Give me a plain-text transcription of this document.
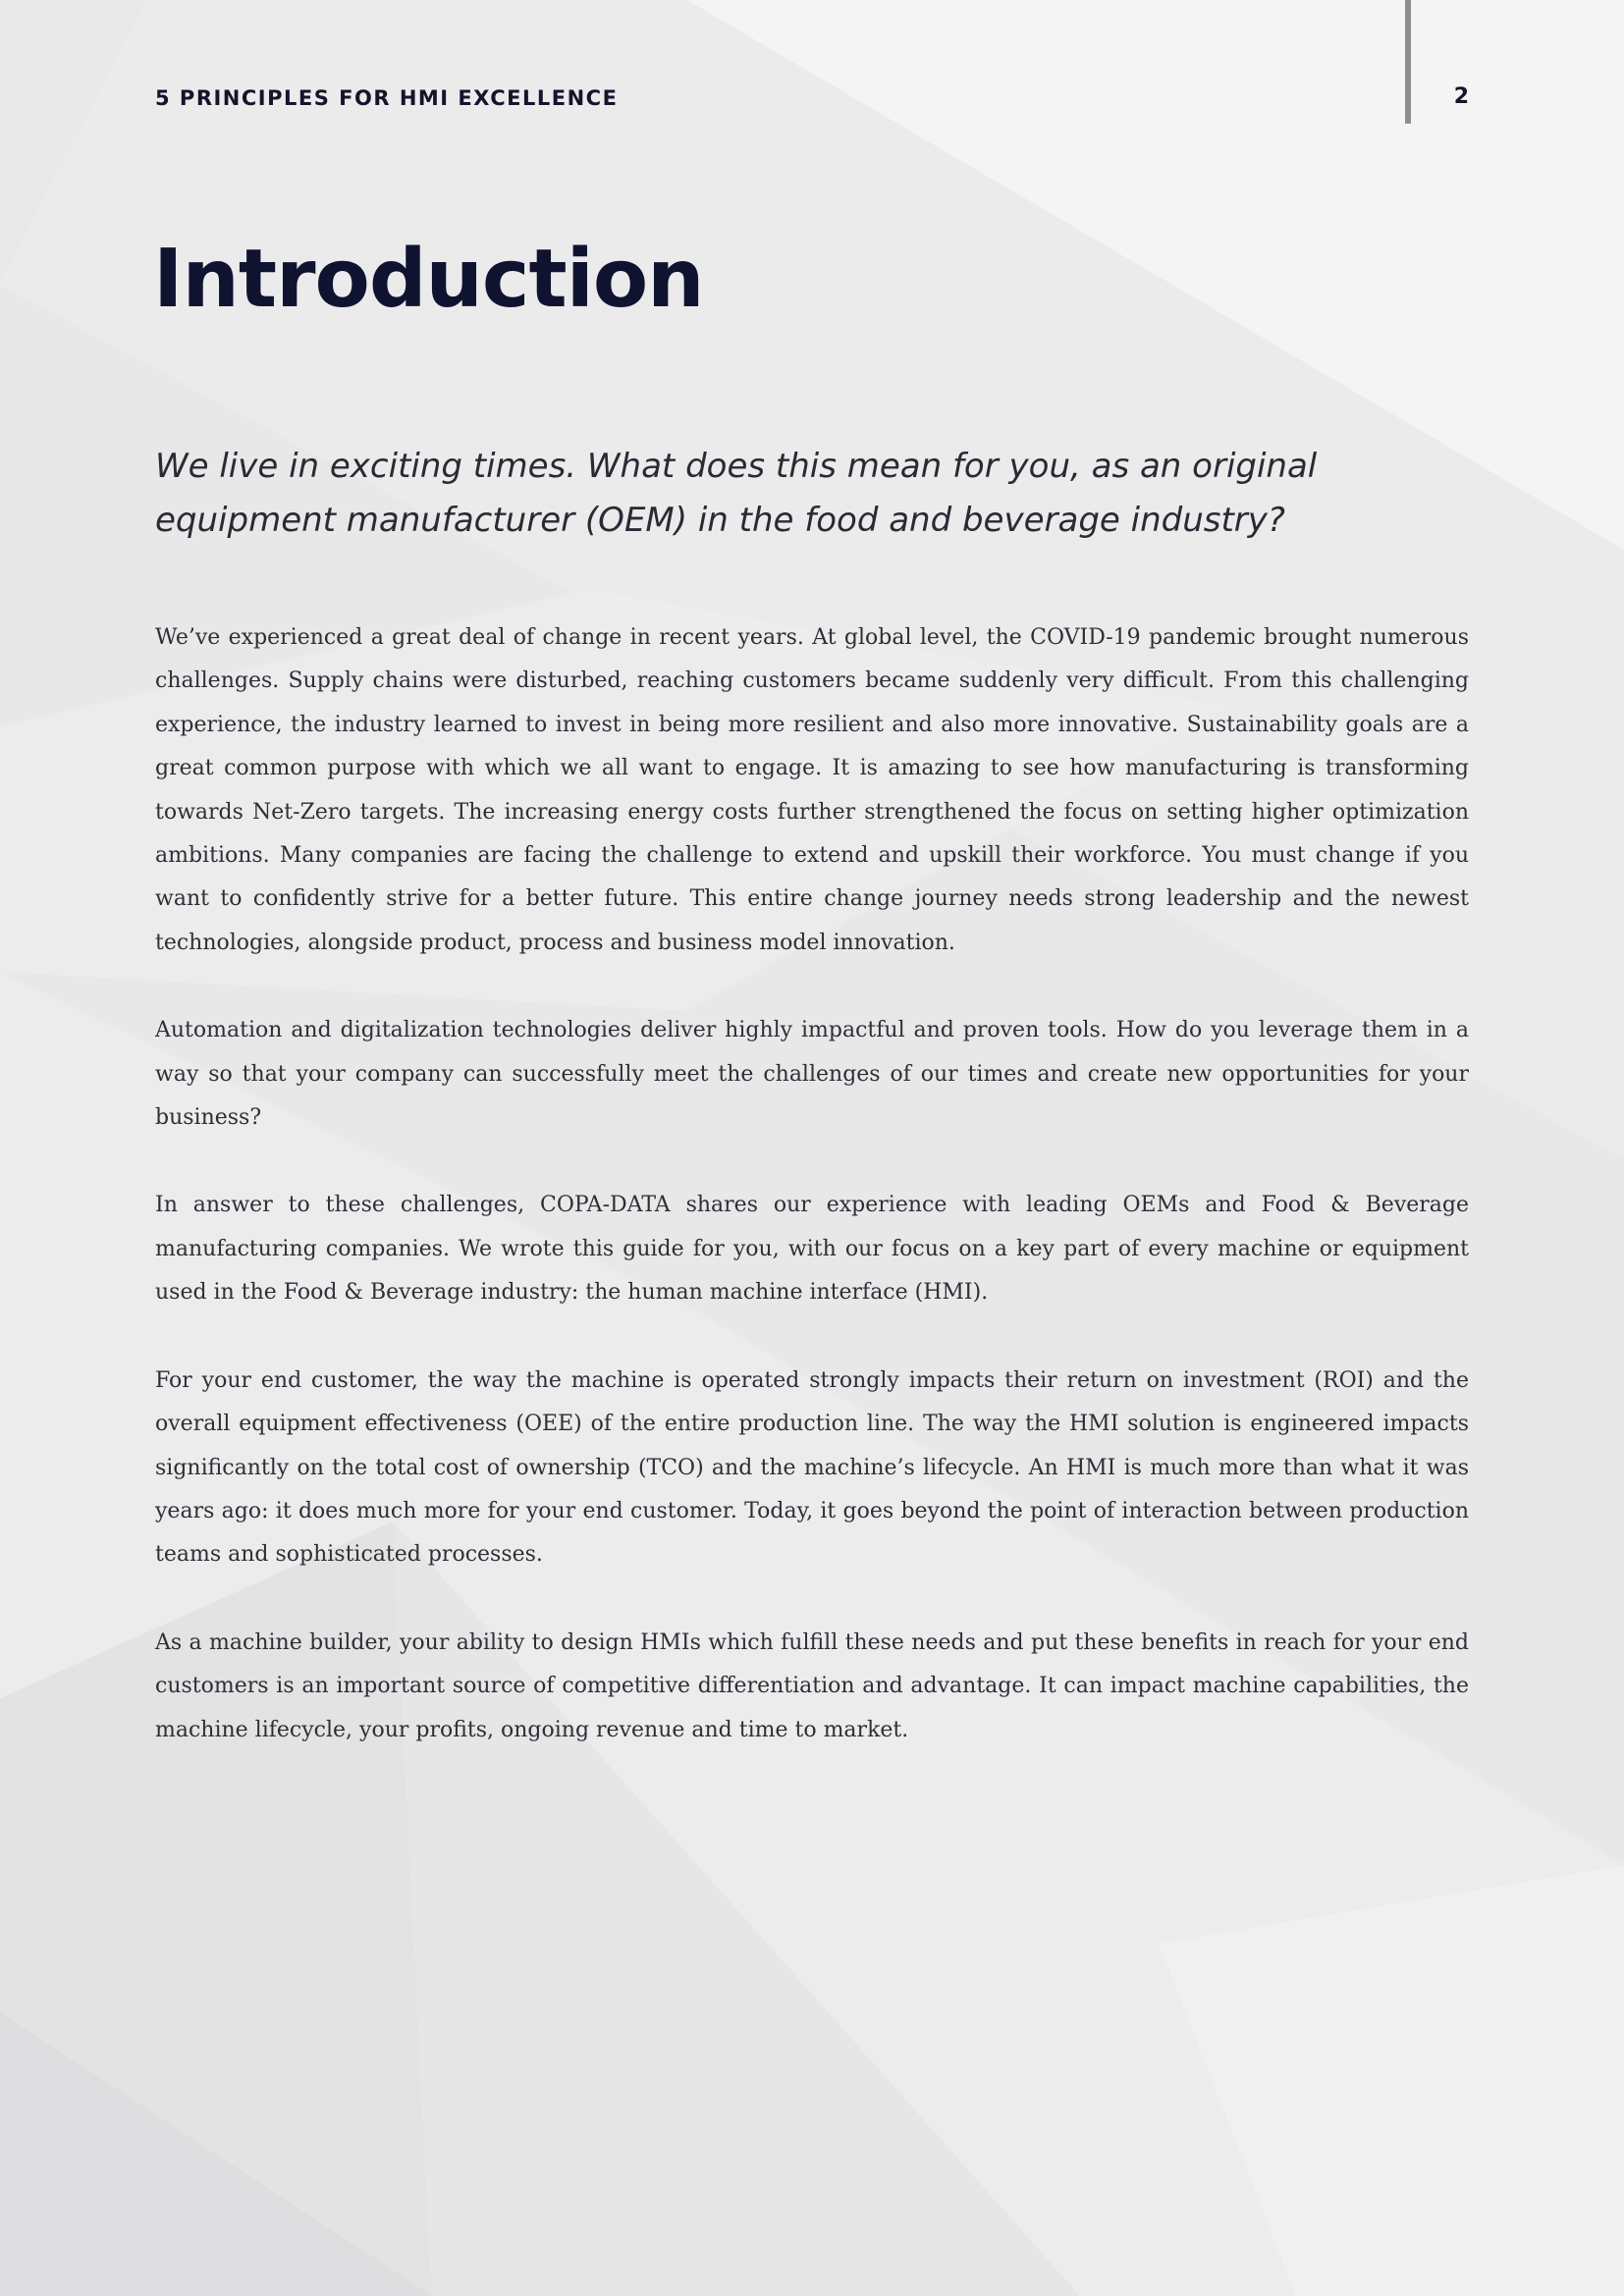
5 PRINCIPLES FOR HMI EXCELLENCE	2
Introduction

We live in exciting times. What does this mean for you, as an original equipment manufacturer (OEM) in the food and beverage industry?

We’ve experienced a great deal of change in recent years. At global level, the COVID-19 pandemic brought numerous challenges. Supply chains were disturbed, reaching customers became suddenly very difficult. From this challenging experience, the industry learned to invest in being more resilient and also more innovative. Sustainability goals are a great common purpose with which we all want to engage. It is amazing to see how manufacturing is transforming towards Net-Zero targets. The increasing energy costs further strengthened the focus on setting higher optimization ambitions. Many companies are facing the challenge to extend and upskill their workforce. You must change if you want to confidently strive for a better future. This entire change journey needs strong leadership and the newest technologies, alongside product, process and business model innovation.

Automation and digitalization technologies deliver highly impactful and proven tools. How do you leverage them in a way so that your company can successfully meet the challenges of our times and create new opportunities for your business?

In answer to these challenges, COPA-DATA shares our experience with leading OEMs and Food & Beverage manufacturing companies. We wrote this guide for you, with our focus on a key part of every machine or equipment used in the Food & Beverage industry: the human machine interface (HMI).

For your end customer, the way the machine is operated strongly impacts their return on investment (ROI) and the overall equipment effectiveness (OEE) of the entire production line. The way the HMI solution is engineered impacts significantly on the total cost of ownership (TCO) and the machine’s lifecycle. An HMI is much more than what it was years ago: it does much more for your end customer. Today, it goes beyond the point of interaction between production teams and sophisticated processes.

As a machine builder, your ability to design HMIs which fulfill these needs and put these benefits in reach for your end customers is an important source of competitive differentiation and advantage. It can impact machine capabilities, the machine lifecycle, your profits, ongoing revenue and time to market.
